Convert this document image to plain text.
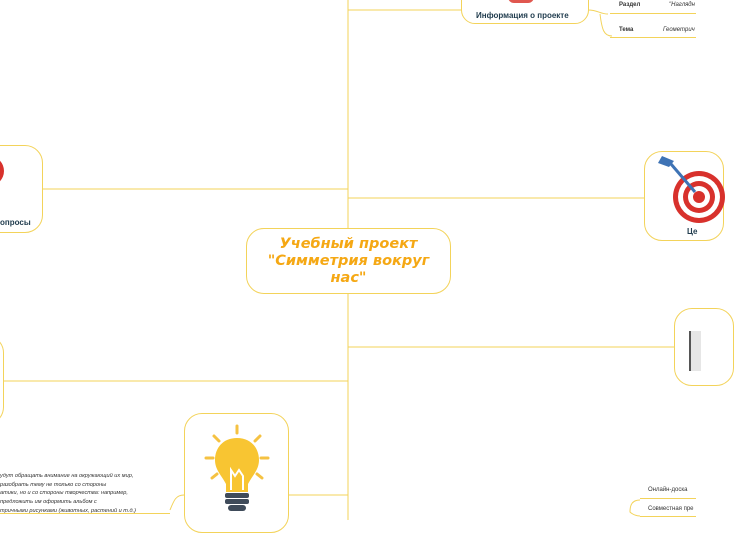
Информация о проекте
Раздел	"Наглядн
Тема	Геометрич
опросы
Це
удут обращать внимание на окружающий их мир,
разобрать тему не только со стороны
атики, но и со стороны творчества: например,
предложить им оформить альбом с
тричными рисунками (животных, растений и т.д.)
Онлайн-доска
Совместная пре
Учебный проект
"Симметрия вокруг
нас"
